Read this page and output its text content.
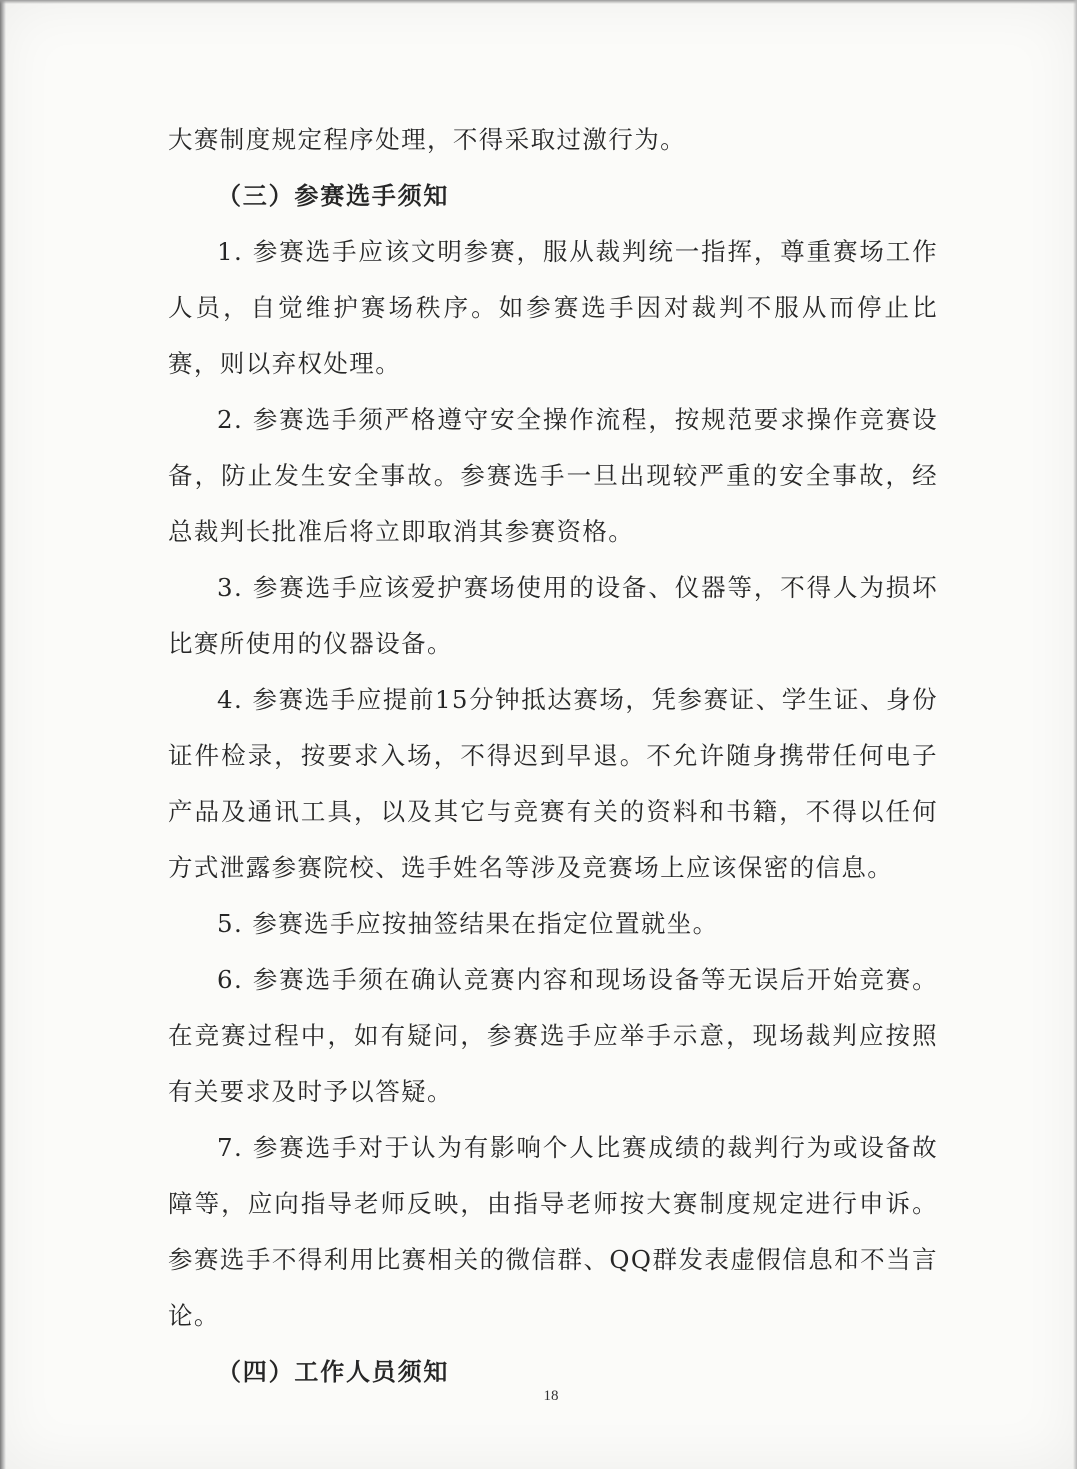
大赛制度规定程序处理，不得采取过激行为。

（三）参赛选手须知

1. 参赛选手应该文明参赛，服从裁判统一指挥，尊重赛场工作人员，自觉维护赛场秩序。如参赛选手因对裁判不服从而停止比赛，则以弃权处理。

2. 参赛选手须严格遵守安全操作流程，按规范要求操作竞赛设备，防止发生安全事故。参赛选手一旦出现较严重的安全事故，经总裁判长批准后将立即取消其参赛资格。

3. 参赛选手应该爱护赛场使用的设备、仪器等，不得人为损坏比赛所使用的仪器设备。

4. 参赛选手应提前15分钟抵达赛场，凭参赛证、学生证、身份证件检录，按要求入场，不得迟到早退。不允许随身携带任何电子产品及通讯工具，以及其它与竞赛有关的资料和书籍，不得以任何方式泄露参赛院校、选手姓名等涉及竞赛场上应该保密的信息。

5. 参赛选手应按抽签结果在指定位置就坐。

6. 参赛选手须在确认竞赛内容和现场设备等无误后开始竞赛。在竞赛过程中，如有疑问，参赛选手应举手示意，现场裁判应按照有关要求及时予以答疑。

7. 参赛选手对于认为有影响个人比赛成绩的裁判行为或设备故障等，应向指导老师反映，由指导老师按大赛制度规定进行申诉。参赛选手不得利用比赛相关的微信群、QQ群发表虚假信息和不当言论。

（四）工作人员须知

18
